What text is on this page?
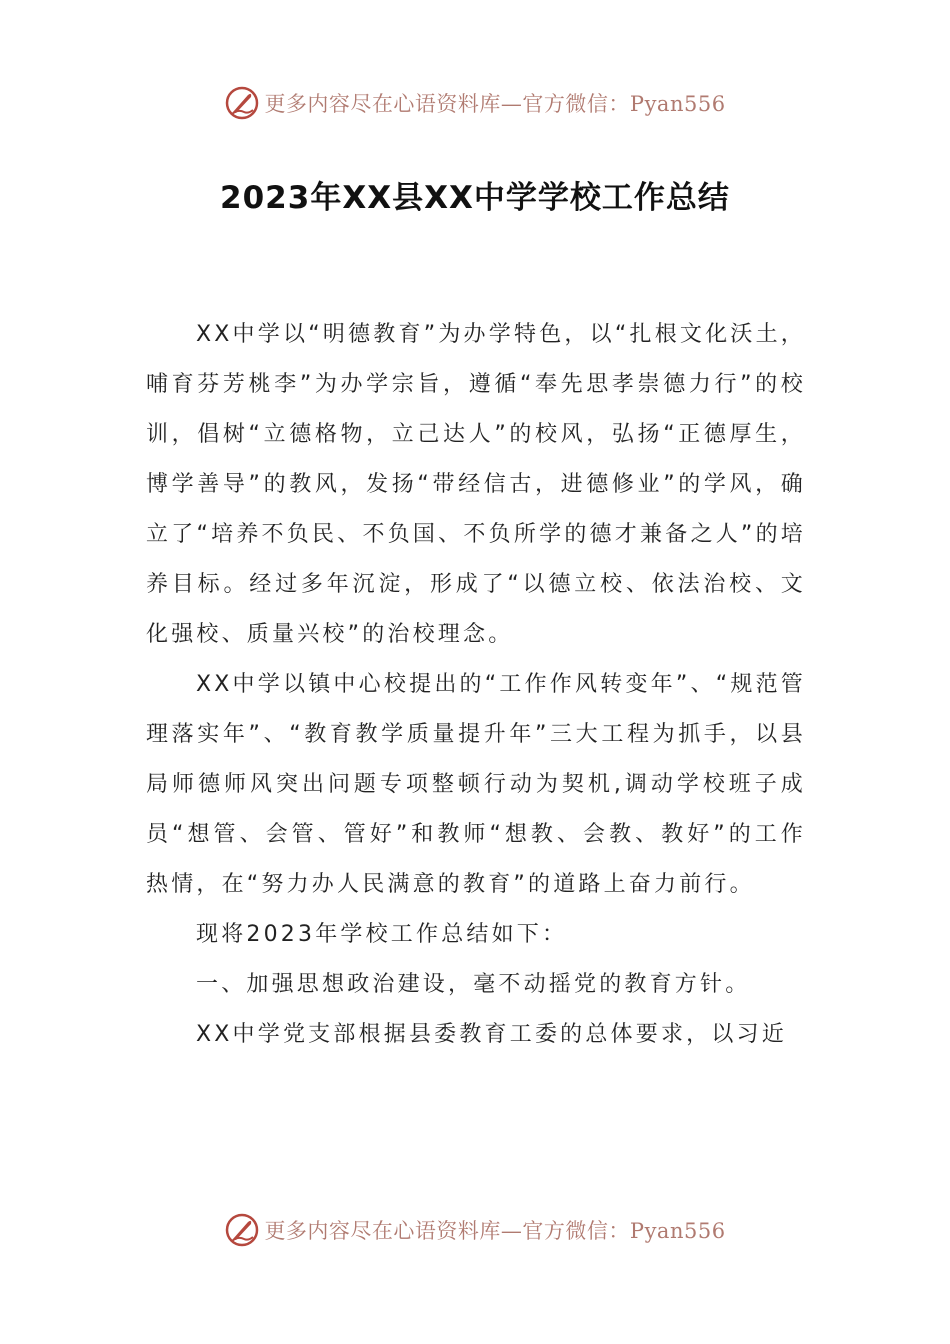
更多内容尽在心语资料库—官方微信：Pyan556
2023年XX县XX中学学校工作总结

XX中学以“明德教育”为办学特色，以“扎根文化沃土，哺育芬芳桃李”为办学宗旨，遵循“奉先思孝崇德力行”的校训，倡树“立德格物，立己达人”的校风，弘扬“正德厚生，博学善导”的教风，发扬“带经信古，进德修业”的学风，确立了“培养不负民、不负国、不负所学的德才兼备之人”的培养目标。经过多年沉淀，形成了“以德立校、依法治校、文化强校、质量兴校”的治校理念。

XX中学以镇中心校提出的“工作作风转变年”、“规范管理落实年”、“教育教学质量提升年”三大工程为抓手，以县局师德师风突出问题专项整顿行动为契机,调动学校班子成员“想管、会管、管好”和教师“想教、会教、教好”的工作热情，在“努力办人民满意的教育”的道路上奋力前行。

现将2023年学校工作总结如下：

一、加强思想政治建设，毫不动摇党的教育方针。

XX中学党支部根据县委教育工委的总体要求，以习近

更多内容尽在心语资料库—官方微信：Pyan556
